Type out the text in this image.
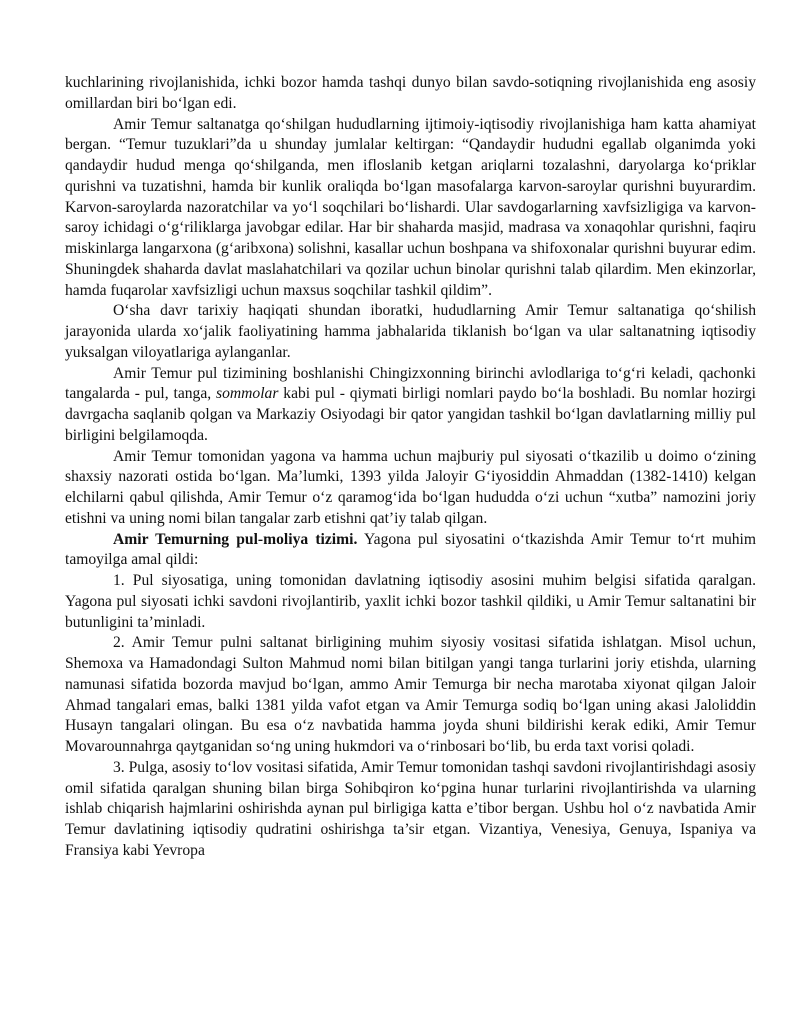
kuchlarining rivojlanishida, ichki bozor hamda tashqi dunyo bilan savdo-sotiqning rivojlanishida eng asosiy omillardan biri bo‘lgan edi.

Amir Temur saltanatga qo‘shilgan hududlarning ijtimoiy-iqtisodiy rivojlanishiga ham katta ahamiyat bergan. “Temur tuzuklari”da u shunday jumlalar keltirgan: “Qandaydir hududni egallab olganimda yoki qandaydir hudud menga qo‘shilganda, men ifloslanib ketgan ariqlarni tozalashni, daryolarga ko‘priklar qurishni va tuzatishni, hamda bir kunlik oraliqda bo‘lgan masofalarga karvon-saroylar qurishni buyurardim. Karvon-saroylarda nazoratchilar va yo‘l soqchilari bo‘lishardi. Ular savdogarlarning xavfsizligiga va karvon-saroy ichidagi o‘g‘riliklarga javobgar edilar. Har bir shaharda masjid, madrasa va xonaqohlar qurishni, faqiru miskinlarga langarxona (g‘aribxona) solishni, kasallar uchun boshpana va shifoxonalar qurishni buyurar edim. Shuningdek shaharda davlat maslahatchilari va qozilar uchun binolar qurishni talab qilardim. Men ekinzorlar, hamda fuqarolar xavfsizligi uchun maxsus soqchilar tashkil qildim”.

O‘sha davr tarixiy haqiqati shundan iboratki, hududlarning Amir Temur saltanatiga qo‘shilish jarayonida ularda xo‘jalik faoliyatining hamma jabhalarida tiklanish bo‘lgan va ular saltanatning iqtisodiy yuksalgan viloyatlariga aylanganlar.

Amir Temur pul tizimining boshlanishi Chingizxonning birinchi avlodlariga to‘g‘ri keladi, qachonki tangalarda - pul, tanga, sommolar kabi pul - qiymati birligi nomlari paydo bo‘la boshladi. Bu nomlar hozirgi davrgacha saqlanib qolgan va Markaziy Osiyodagi bir qator yangidan tashkil bo‘lgan davlatlarning milliy pul birligini belgilamoqda.

Amir Temur tomonidan yagona va hamma uchun majburiy pul siyosati o‘tkazilib u doimo o‘zining shaxsiy nazorati ostida bo‘lgan. Ma’lumki, 1393 yilda Jaloyir G‘iyosiddin Ahmaddan (1382-1410) kelgan elchilarni qabul qilishda, Amir Temur o‘z qaramog‘ida bo‘lgan hududda o‘zi uchun “xutba” namozini joriy etishni va uning nomi bilan tangalar zarb etishni qat’iy talab qilgan.

Amir Temurning pul-moliya tizimi. Yagona pul siyosatini o‘tkazishda Amir Temur to‘rt muhim tamoyilga amal qildi:

1. Pul siyosatiga, uning tomonidan davlatning iqtisodiy asosini muhim belgisi sifatida qaralgan. Yagona pul siyosati ichki savdoni rivojlantirib, yaxlit ichki bozor tashkil qildiki, u Amir Temur saltanatini bir butunligini ta’minladi.

2. Amir Temur pulni saltanat birligining muhim siyosiy vositasi sifatida ishlatgan. Misol uchun, Shemoxa va Hamadondagi Sulton Mahmud nomi bilan bitilgan yangi tanga turlarini joriy etishda, ularning namunasi sifatida bozorda mavjud bo‘lgan, ammo Amir Temurga bir necha marotaba xiyonat qilgan Jaloir Ahmad tangalari emas, balki 1381 yilda vafot etgan va Amir Temurga sodiq bo‘lgan uning akasi Jaloliddin Husayn tangalari olingan. Bu esa o‘z navbatida hamma joyda shuni bildirishi kerak ediki, Amir Temur Movarounnahrga qaytganidan so‘ng uning hukmdori va o‘rinbosari bo‘lib, bu erda taxt vorisi qoladi.

3. Pulga, asosiy to‘lov vositasi sifatida, Amir Temur tomonidan tashqi savdoni rivojlantirishdagi asosiy omil sifatida qaralgan shuning bilan birga Sohibqiron ko‘pgina hunar turlarini rivojlantirishda va ularning ishlab chiqarish hajmlarini oshirishda aynan pul birligiga katta e’tibor bergan. Ushbu hol o‘z navbatida Amir Temur davlatining iqtisodiy qudratini oshirishga ta’sir etgan. Vizantiya, Venesiya, Genuya, Ispaniya va Fransiya kabi Yevropa
